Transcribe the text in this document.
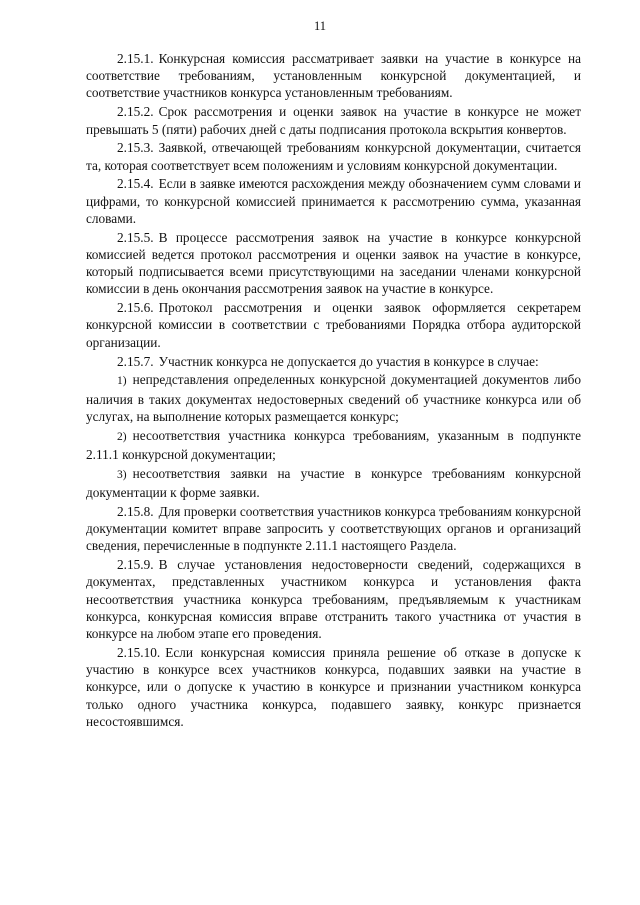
11

2.15.1. Конкурсная комиссия рассматривает заявки на участие в конкурсе на соответствие требованиям, установленным конкурсной документацией, и соответствие участников конкурса установленным требованиям.

2.15.2. Срок рассмотрения и оценки заявок на участие в конкурсе не может превышать 5 (пяти) рабочих дней с даты подписания протокола вскрытия конвертов.

2.15.3. Заявкой, отвечающей требованиям конкурсной документации, считается та, которая соответствует всем положениям и условиям конкурсной документации.

2.15.4. Если в заявке имеются расхождения между обозначением сумм словами и цифрами, то конкурсной комиссией принимается к рассмотрению сумма, указанная словами.

2.15.5. В процессе рассмотрения заявок на участие в конкурсе конкурсной комиссией ведется протокол рассмотрения и оценки заявок на участие в конкурсе, который подписывается всеми присутствующими на заседании членами конкурсной комиссии в день окончания рассмотрения заявок на участие в конкурсе.

2.15.6. Протокол рассмотрения и оценки заявок оформляется секретарем конкурсной комиссии в соответствии с требованиями Порядка отбора аудиторской организации.

2.15.7. Участник конкурса не допускается до участия в конкурсе в случае:

1) непредставления определенных конкурсной документацией документов либо наличия в таких документах недостоверных сведений об участнике конкурса или об услугах, на выполнение которых размещается конкурс;

2) несоответствия участника конкурса требованиям, указанным в подпункте 2.11.1 конкурсной документации;

3) несоответствия заявки на участие в конкурсе требованиям конкурсной документации к форме заявки.

2.15.8. Для проверки соответствия участников конкурса требованиям конкурсной документации комитет вправе запросить у соответствующих органов и организаций сведения, перечисленные в подпункте 2.11.1 настоящего Раздела.

2.15.9. В случае установления недостоверности сведений, содержащихся в документах, представленных участником конкурса и установления факта несоответствия участника конкурса требованиям, предъявляемым к участникам конкурса, конкурсная комиссия вправе отстранить такого участника от участия в конкурсе на любом этапе его проведения.

2.15.10. Если конкурсная комиссия приняла решение об отказе в допуске к участию в конкурсе всех участников конкурса, подавших заявки на участие в конкурсе, или о допуске к участию в конкурсе и признании участником конкурса только одного участника конкурса, подавшего заявку, конкурс признается несостоявшимся.
